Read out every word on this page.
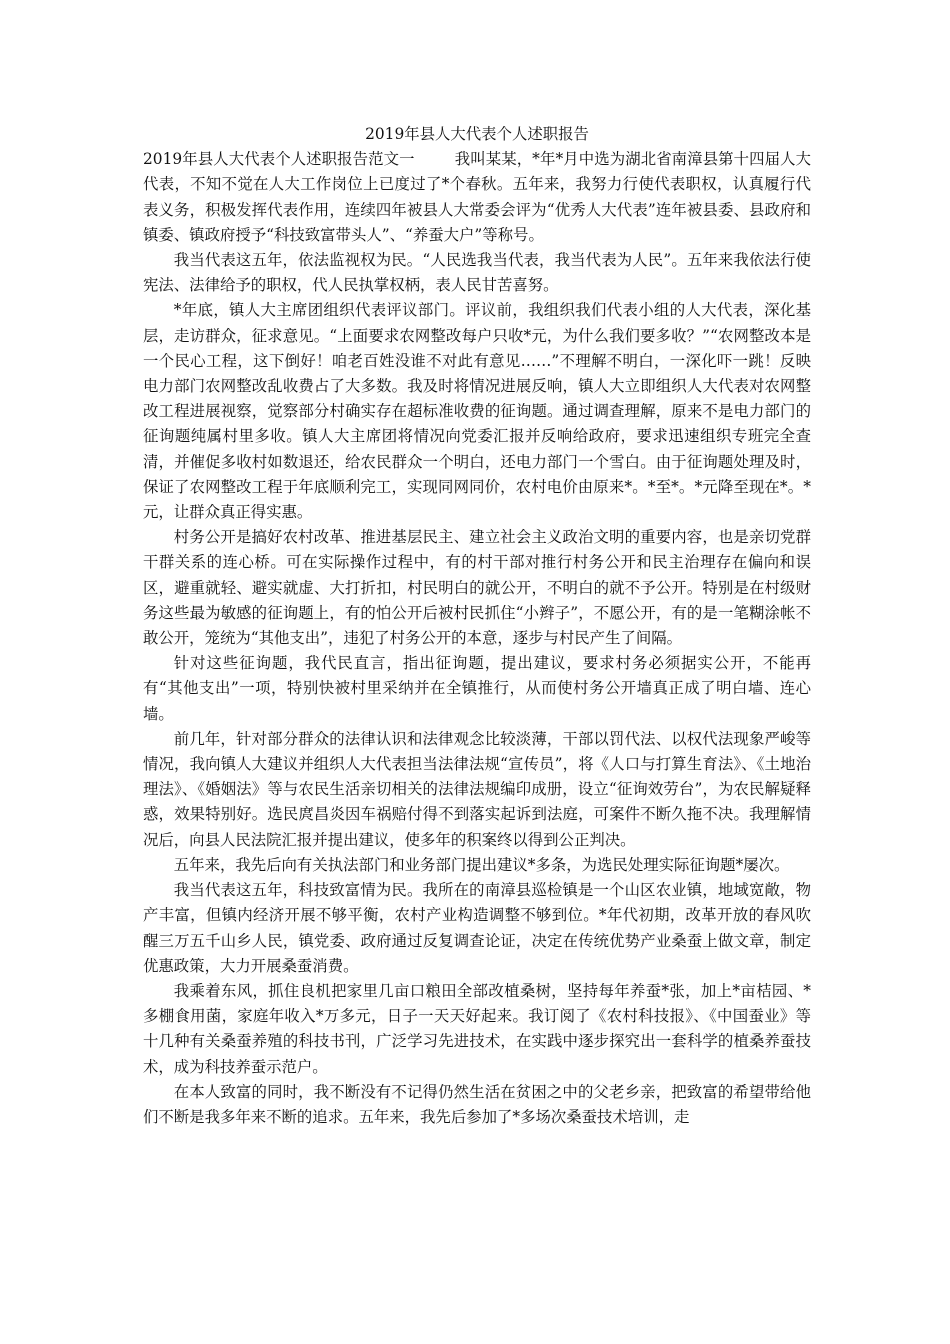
2019年县人大代表个人述职报告

2019年县人大代表个人述职报告范文一	我叫某某，*年*月中选为湖北省南漳县第十四届人大代表，不知不觉在人大工作岗位上已度过了*个春秋。五年来，我努力行使代表职权，认真履行代表义务，积极发挥代表作用，连续四年被县人大常委会评为“优秀人大代表”连年被县委、县政府和镇委、镇政府授予“科技致富带头人”、“养蚕大户”等称号。

我当代表这五年，依法监视权为民。“人民选我当代表，我当代表为人民”。五年来我依法行使宪法、法律给予的职权，代人民执掌权柄，表人民甘苦喜努。

*年底，镇人大主席团组织代表评议部门。评议前，我组织我们代表小组的人大代表，深化基层，走访群众，征求意见。“上面要求农网整改每户只收*元，为什么我们要多收？”“农网整改本是一个民心工程，这下倒好！咱老百姓没谁不对此有意见……”不理解不明白，一深化吓一跳！反映电力部门农网整改乱收费占了大多数。我及时将情况进展反响，镇人大立即组织人大代表对农网整改工程进展视察，觉察部分村确实存在超标准收费的征询题。通过调查理解，原来不是电力部门的征询题纯属村里多收。镇人大主席团将情况向党委汇报并反响给政府，要求迅速组织专班完全查清，并催促多收村如数退还，给农民群众一个明白，还电力部门一个雪白。由于征询题处理及时，保证了农网整改工程于年底顺利完工，实现同网同价，农村电价由原来*。*至*。*元降至现在*。*元，让群众真正得实惠。

村务公开是搞好农村改革、推进基层民主、建立社会主义政治文明的重要内容，也是亲切党群干群关系的连心桥。可在实际操作过程中，有的村干部对推行村务公开和民主治理存在偏向和误区，避重就轻、避实就虚、大打折扣，村民明白的就公开，不明白的就不予公开。特别是在村级财务这些最为敏感的征询题上，有的怕公开后被村民抓住“小辫子”，不愿公开，有的是一笔糊涂帐不敢公开，笼统为“其他支出”，违犯了村务公开的本意，逐步与村民产生了间隔。

针对这些征询题，我代民直言，指出征询题，提出建议，要求村务必须据实公开，不能再有“其他支出”一项，特别快被村里采纳并在全镇推行，从而使村务公开墙真正成了明白墙、连心墙。

前几年，针对部分群众的法律认识和法律观念比较淡薄，干部以罚代法、以权代法现象严峻等情况，我向镇人大建议并组织人大代表担当法律法规“宣传员”，将《人口与打算生育法》、《土地治理法》、《婚姻法》等与农民生活亲切相关的法律法规编印成册，设立“征询效劳台”，为农民解疑释惑，效果特别好。选民庹昌炎因车祸赔付得不到落实起诉到法庭，可案件不断久拖不决。我理解情况后，向县人民法院汇报并提出建议，使多年的积案终以得到公正判决。

五年来，我先后向有关执法部门和业务部门提出建议*多条，为选民处理实际征询题*屡次。

我当代表这五年，科技致富情为民。我所在的南漳县巡检镇是一个山区农业镇，地域宽敞，物产丰富，但镇内经济开展不够平衡，农村产业构造调整不够到位。*年代初期，改革开放的春风吹醒三万五千山乡人民，镇党委、政府通过反复调查论证，决定在传统优势产业桑蚕上做文章，制定优惠政策，大力开展桑蚕消费。

我乘着东风，抓住良机把家里几亩口粮田全部改植桑树，坚持每年养蚕*张，加上*亩桔园、*多棚食用菌，家庭年收入*万多元，日子一天天好起来。我订阅了《农村科技报》、《中国蚕业》等十几种有关桑蚕养殖的科技书刊，广泛学习先进技术，在实践中逐步探究出一套科学的植桑养蚕技术，成为科技养蚕示范户。

在本人致富的同时，我不断没有不记得仍然生活在贫困之中的父老乡亲，把致富的希望带给他们不断是我多年来不断的追求。五年来，我先后参加了*多场次桑蚕技术培训，走
